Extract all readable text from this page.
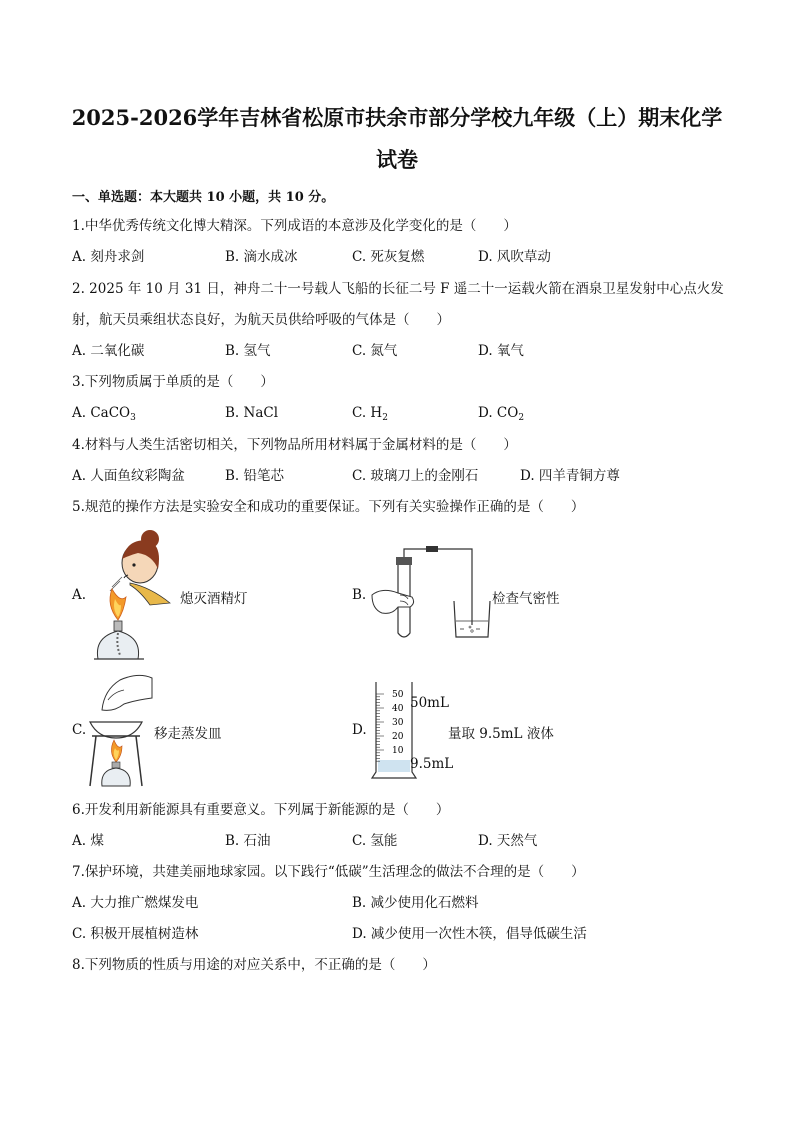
2025-2026学年吉林省松原市扶余市部分学校九年级（上）期末化学
试卷
一、单选题：本大题共 10 小题，共 10 分。
1.中华优秀传统文化博大精深。下列成语的本意涉及化学变化的是（　　）
A. 刻舟求剑	B. 滴水成冰	C. 死灰复燃	D. 风吹草动
2. 2025 年 10 月 31 日，神舟二十一号载人飞船的长征二号 F 遥二十一运载火箭在酒泉卫星发射中心点火发
射，航天员乘组状态良好，为航天员供给呼吸的气体是（　　）
A. 二氧化碳	B. 氢气	C. 氮气	D. 氧气
3.下列物质属于单质的是（　　）
A. CaCO$_3$	B. NaCl	C. $H_2$	D. $CO_2$
4.材料与人类生活密切相关，下列物品所用材料属于金属材料的是（　　）
A. 人面鱼纹彩陶盆	B. 铅笔芯	C. 玻璃刀上的金刚石	D. 四羊青铜方尊
5.规范的操作方法是实验安全和成功的重要保证。下列有关实验操作正确的是（　　）
A.	熄灭酒精灯	B.	检查气密性
C.	移走蒸发皿	D.
50
40
30
20
10
50mL
9.5mL
量取 9.5mL 液体
6.开发利用新能源具有重要意义。下列属于新能源的是（　　）
A. 煤	B. 石油	C. 氢能	D. 天然气
7.保护环境，共建美丽地球家园。以下践行“低碳”生活理念的做法不合理的是（　　）
A. 大力推广燃煤发电	B. 减少使用化石燃料
C. 积极开展植树造林	D. 减少使用一次性木筷，倡导低碳生活
8.下列物质的性质与用途的对应关系中，不正确的是（　　）
